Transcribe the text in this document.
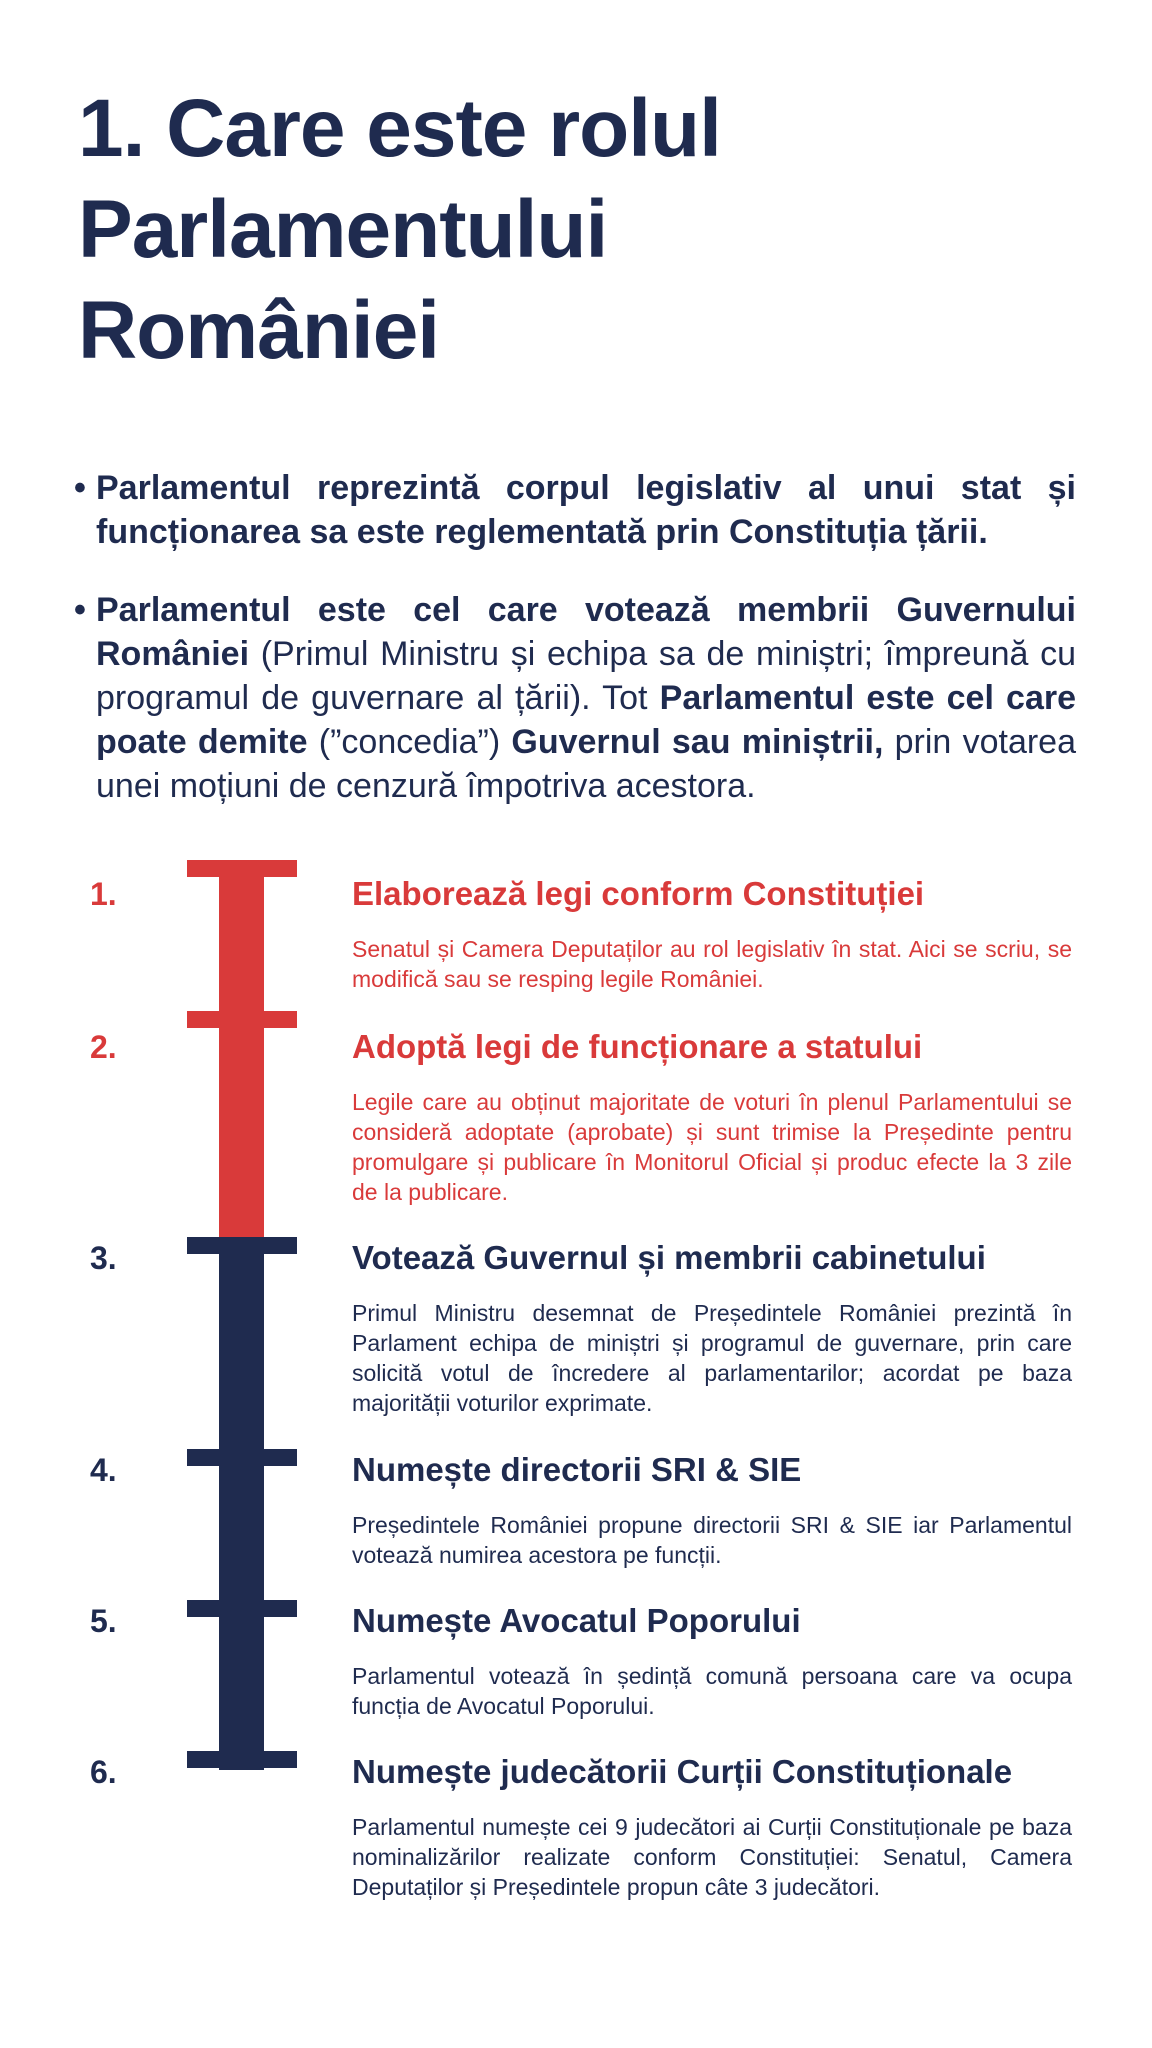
1. Care este rolul
Parlamentului
României

• Parlamentul reprezintă corpul legislativ al unui stat și funcționarea sa este reglementată prin Constituția țării.

• Parlamentul este cel care votează membrii Guvernului României (Primul Ministru și echipa sa de miniștri; împreună cu programul de guvernare al țării). Tot Parlamentul este cel care poate demite (”concedia”) Guvernul sau miniștrii, prin votarea unei moțiuni de cenzură împotriva acestora.

1.	Elaborează legi conform Constituției
Senatul și Camera Deputaților au rol legislativ în stat. Aici se scriu, se modifică sau se resping legile României.
2.	Adoptă legi de funcționare a statului
Legile care au obținut majoritate de voturi în plenul Parlamentului se consideră adoptate (aprobate) și sunt trimise la Președinte pentru promulgare și publicare în Monitorul Oficial și produc efecte la 3 zile de la publicare.
3.	Votează Guvernul și membrii cabinetului
Primul Ministru desemnat de Președintele României prezintă în Parlament echipa de miniștri și programul de guvernare, prin care solicită votul de încredere al parlamentarilor; acordat pe baza majorității voturilor exprimate.
4.	Numește directorii SRI & SIE
Președintele României propune directorii SRI & SIE iar Parlamentul votează numirea acestora pe funcții.
5.	Numește Avocatul Poporului
Parlamentul votează în ședință comună persoana care va ocupa funcția de Avocatul Poporului.
6.	Numește judecătorii Curții Constituționale
Parlamentul numește cei 9 judecători ai Curții Constituționale pe baza nominalizărilor realizate conform Constituției: Senatul, Camera Deputaților și Președintele propun câte 3 judecători.
